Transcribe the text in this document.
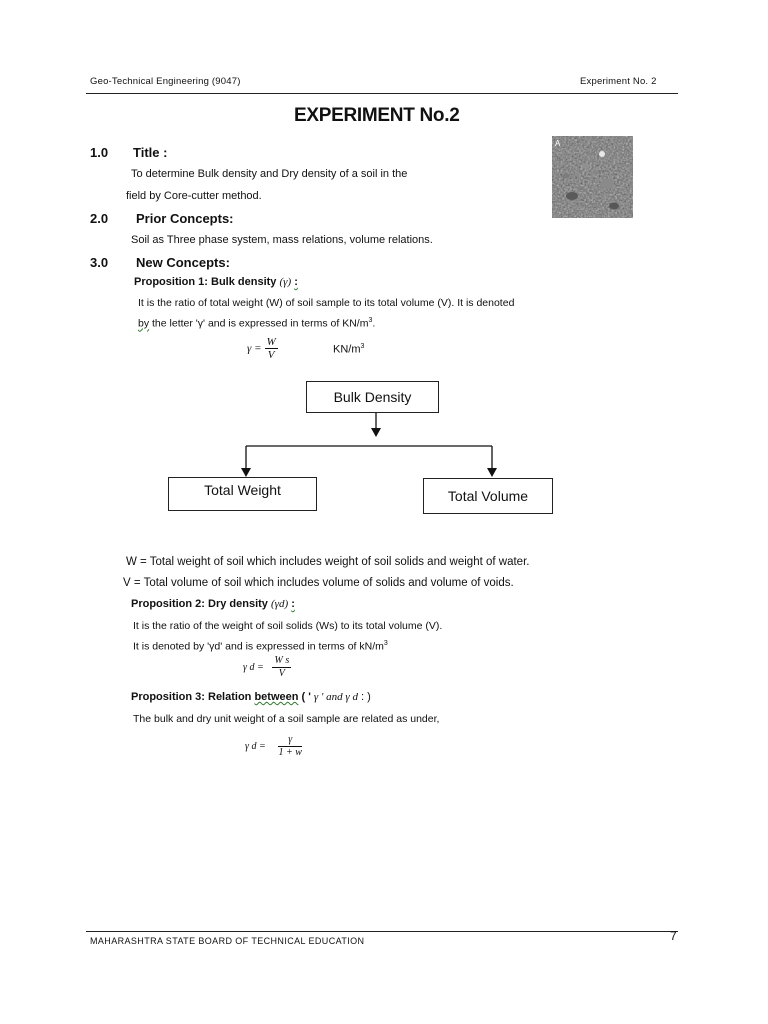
Geo-Technical Engineering (9047)	Experiment No. 2
EXPERIMENT No.2
A
1.0 Title :
To determine Bulk density and Dry density of a soil in the
field by Core-cutter method.
2.0 Prior Concepts:
Soil as Three phase system, mass relations, volume relations.
3.0 New Concepts:
Proposition 1: Bulk density (γ) :
It is the ratio of total weight (W) of soil sample to its total volume (V). It is denoted
by the letter 'γ' and is expressed in terms of $KN/m^3$.
$\gamma = \frac{W}{V}$	$KN/m^3$
Bulk Density
Total Weight	Total Volume
W = Total weight of soil which includes weight of soil solids and weight of water.
V = Total volume of soil which includes volume of solids and volume of voids.
Proposition 2: Dry density (γd) :
It is the ratio of the weight of soil solids (Ws) to its total volume (V).
It is denoted by 'γd' and is expressed in terms of $kN/m^3$
γ $d = \frac{\text{W s}}{V}$
Proposition 3: Relation between ( ' γ ' and γ d : )
The bulk and dry unit weight of a soil sample are related as under,
γ $d = \frac{\gamma}{1 + w}$
MAHARASHTRA STATE BOARD OF TECHNICAL EDUCATION	7
